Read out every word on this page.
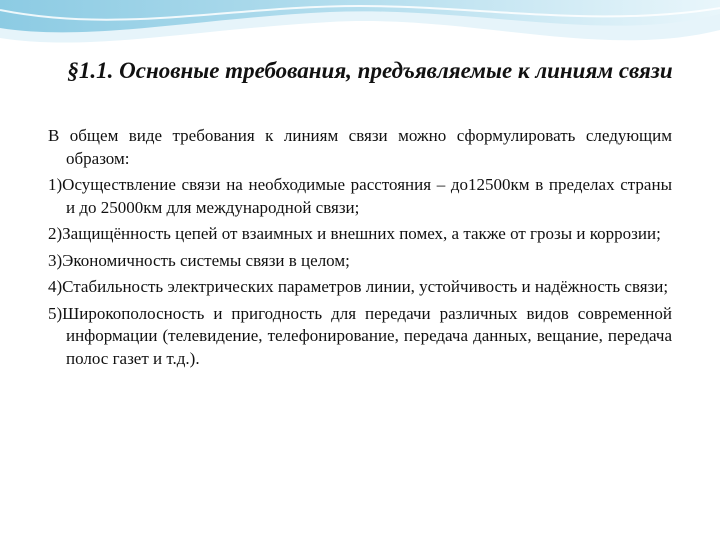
§1.1. Основные требования, предъявляемые к линиям связи

В общем виде требования к линиям связи можно сформулировать следующим образом:

1)Осуществление связи на необходимые расстояния – до12500км в пределах страны и до 25000км для международной связи;

2)Защищённость цепей от взаимных и внешних помех, а также от грозы и коррозии;

3)Экономичность системы связи в целом;

4)Стабильность электрических параметров линии, устойчивость и надёжность связи;

5)Широкополосность и пригодность для передачи различных видов современной информации (телевидение, телефонирование, передача данных, вещание, передача полос газет и т.д.).
